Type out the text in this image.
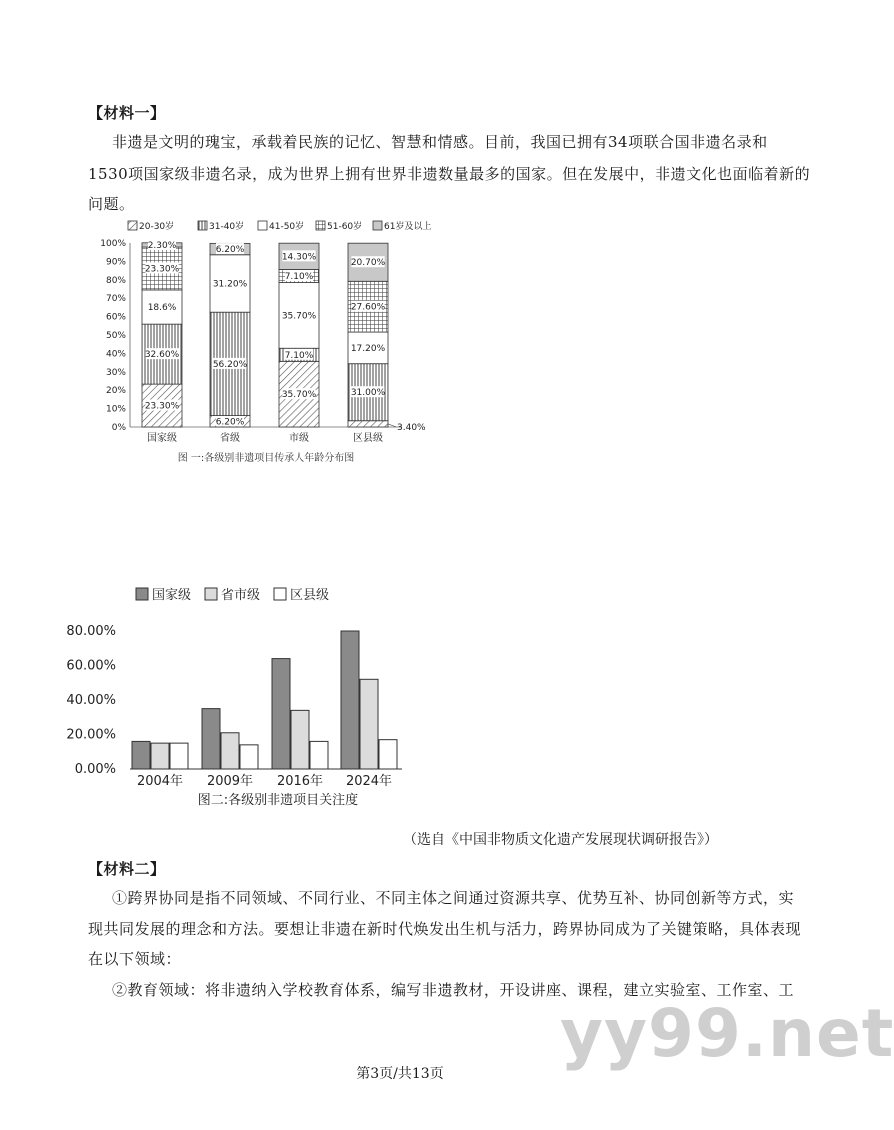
【材料一】
非遗是文明的瑰宝，承载着民族的记忆、智慧和情感。目前，我国已拥有34项联合国非遗名录和
1530项国家级非遗名录，成为世界上拥有世界非遗数量最多的国家。但在发展中，非遗文化也面临着新的
问题。
20-30岁	31-40岁	41-50岁	51-60岁 61岁及以上
0%
10%
20%
30%
40%
50%
60%
70%
80%
90%
100%
国家级	省级	市级	区县级
23.30%
32.60%
18.6%
23.30%
2.30%
6.20%
56.20%
31.20%
6.20%
35.70%
7.10%
35.70%
7.10%
14.30%
3.40%
31.00%
17.20%
27.60%
20.70%
图 一:各级别非遗项目传承人年龄分布图
国家级 省市级 区县级
0.00%
20.00%
40.00%
60.00%
80.00%
2004年 2009年 2016年 2024年
图二:各级别非遗项目关注度
（选自《中国非物质文化遗产发展现状调研报告》）
【材料二】
①跨界协同是指不同领域、不同行业、不同主体之间通过资源共享、优势互补、协同创新等方式，实
现共同发展的理念和方法。要想让非遗在新时代焕发出生机与活力，跨界协同成为了关键策略，具体表现
在以下领域：
②教育领域：将非遗纳入学校教育体系，编写非遗教材，开设讲座、课程，建立实验室、工作室、工
yy99.net
第3页/共13页
